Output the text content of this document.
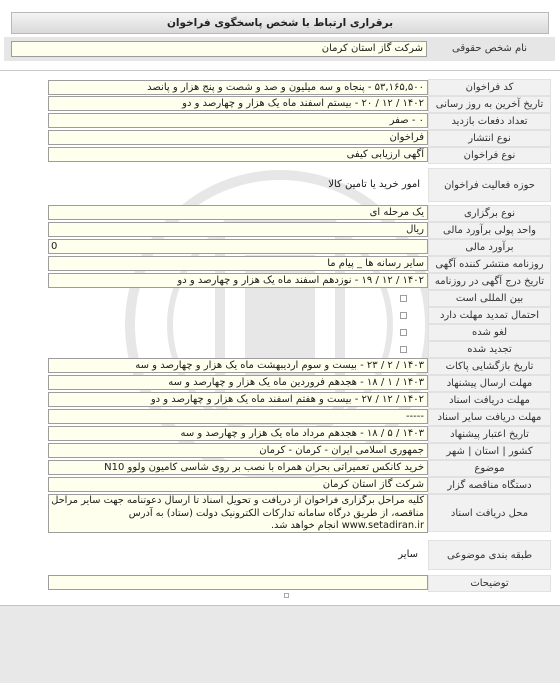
برقراری ارتباط با شخص پاسخگوی فراخوان
نام شخص حقوقی
شرکت گاز استان کرمان
کد فراخوان
۵۳,۱۶۵,۵۰۰ - پنجاه و سه میلیون و صد و شصت و پنج هزار و پانصد
تاریخ آخرین به روز رسانی
۱۴۰۲ / ۱۲ / ۲۰ - بیستم اسفند ماه یک هزار و چهارصد و دو
تعداد دفعات بازدید
۰ - صفر
نوع انتشار
فراخوان
نوع فراخوان
آگهی ارزیابی کیفی
حوزه فعالیت فراخوان
امور خرید یا تامین کالا
نوع برگزاری
یک مرحله ای
واحد پولی برآورد مالی
ریال
برآورد مالی
0
روزنامه منتشر کننده آگهی
سایر رسانه ها _ پیام ما
تاریخ درج آگهی در روزنامه
۱۴۰۲ / ۱۲ / ۱۹ - نوزدهم اسفند ماه یک هزار و چهارصد و دو
بین المللی است
احتمال تمدید مهلت دارد
لغو شده
تجدید شده
تاریخ بازگشایی پاکات
۱۴۰۳ / ۲ / ۲۳ - بیست و سوم اردیبهشت ماه یک هزار و چهارصد و سه
مهلت ارسال پیشنهاد
۱۴۰۳ / ۱ / ۱۸ - هجدهم فروردین ماه یک هزار و چهارصد و سه
مهلت دریافت اسناد
۱۴۰۲ / ۱۲ / ۲۷ - بیست و هفتم اسفند ماه یک هزار و چهارصد و دو
مهلت دریافت سایر اسناد
-----
تاریخ اعتبار پیشنهاد
۱۴۰۳ / ۵ / ۱۸ - هجدهم مرداد ماه یک هزار و چهارصد و سه
کشور | استان | شهر
جمهوری اسلامی ایران - کرمان - کرمان
موضوع
خرید کانکس تعمیراتی بحران همراه با نصب بر روی شاسی کامیون ولوو N10
دستگاه مناقصه گزار
شرکت گاز استان کرمان
محل دریافت اسناد
کلیه مراحل برگزاری فراخوان از دریافت و تحویل اسناد تا ارسال دعوتنامه جهت سایر مراحل مناقصه، از طریق درگاه سامانه تدارکات الکترونیک دولت (ستاد) به آدرس www.setadiran.ir انجام خواهد شد.
طبقه بندی موضوعی
سایر
توضیحات
